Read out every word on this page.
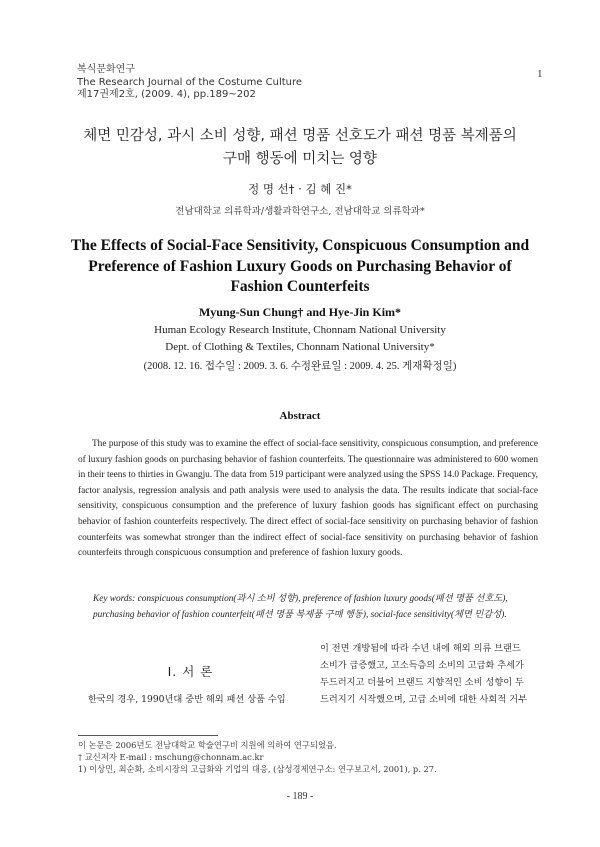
복식문화연구
The Research Journal of the Costume Culture
제17권제2호, (2009. 4), pp.189~202
1
체면 민감성, 과시 소비 성향, 패션 명품 선호도가 패션 명품 복제품의
구매 행동에 미치는 영향
정 명 선† · 김 혜 진*
전남대학교 의류학과/생활과학연구소, 전남대학교 의류학과*
The Effects of Social-Face Sensitivity, Conspicuous Consumption and
Preference of Fashion Luxury Goods on Purchasing Behavior of
Fashion Counterfeits
Myung-Sun Chung† and Hye-Jin Kim*
Human Ecology Research Institute, Chonnam National University
Dept. of Clothing & Textiles, Chonnam National University*
(2008. 12. 16. 접수일 : 2009. 3. 6. 수정완료일 : 2009. 4. 25. 게재확정일)
Abstract
The purpose of this study was to examine the effect of social-face sensitivity, conspicuous consumption, and preference of luxury fashion goods on purchasing behavior of fashion counterfeits. The questionnaire was administered to 600 women in their teens to thirties in Gwangju. The data from 519 participant were analyzed using the SPSS 14.0 Package. Frequency, factor analysis, regression analysis and path analysis were used to analysis the data. The results indicate that social-face sensitivity, conspicuous consumption and the preference of luxury fashion goods has significant effect on purchasing behavior of fashion counterfeits respectively. The direct effect of social-face sensitivity on purchasing behavior of fashion counterfeits was somewhat stronger than the indirect effect of social-face sensitivity on purchasing behavior of fashion counterfeits through conspicuous consumption and preference of fashion luxury goods.
Key words: conspicuous consumption(과시 소비 성향), preference of fashion luxury goods(패션 명품 선호도), purchasing behavior of fashion counterfeit(패션 명품 복제품 구매 행동), social-face sensitivity(체면 민감성).
Ⅰ. 서 론
한국의 경우, 1990년대 중반 해외 패션 상품 수입
이 전면 개방됨에 따라 수년 내에 해외 의류 브랜드
소비가 급증했고, 고소득층의 소비의 고급화 추세가
두드러지고 더불어 브랜드 지향적인 소비 성향이 두
드러지기 시작했으며, 고급 소비에 대한 사회적 거부
이 논문은 2006년도 전남대학교 학술연구비 지원에 의하여 연구되었음.
† 교신저자 E-mail : mschung@chonnam.ac.kr
1) 이상민, 최순화, 소비시장의 고급화와 기업의 대응, (삼성경제연구소: 연구보고서, 2001), p. 27.
- 189 -
